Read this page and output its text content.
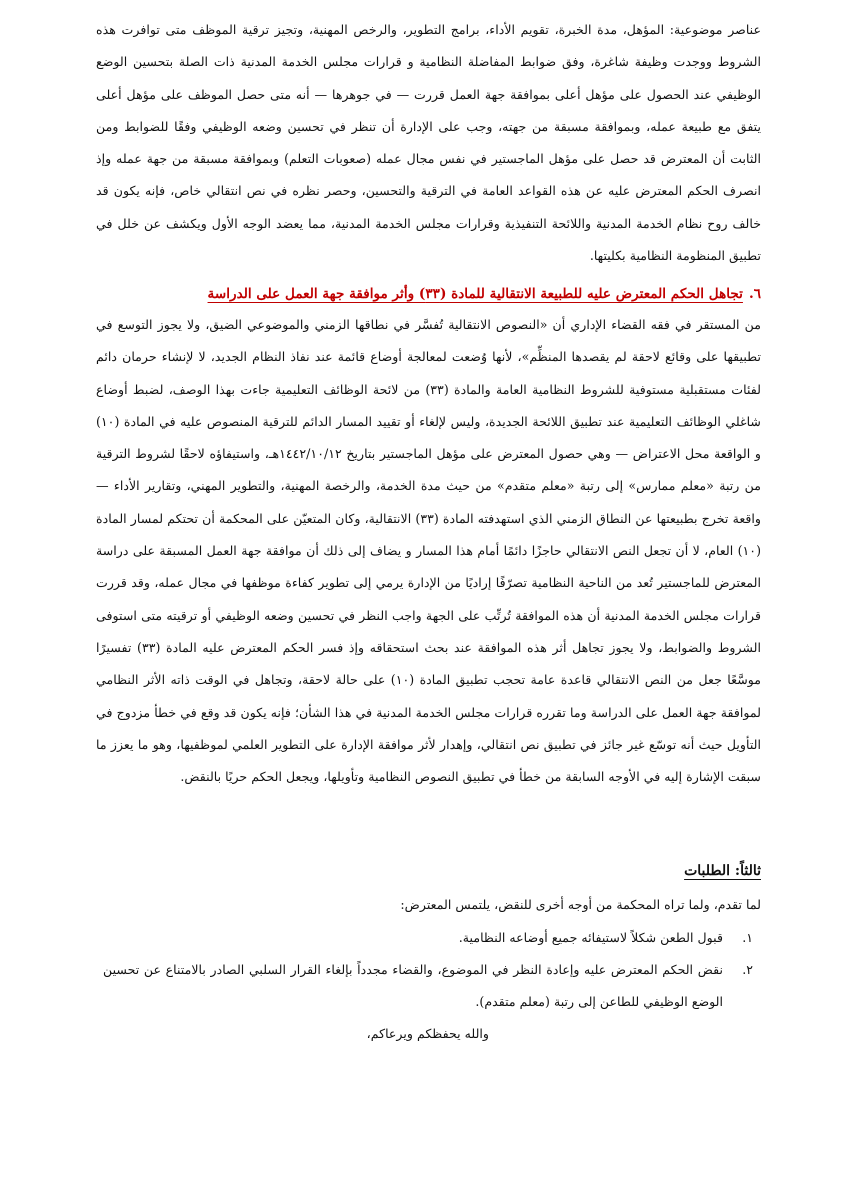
عناصر موضوعية: المؤهل، مدة الخبرة، تقويم الأداء، برامج التطوير، والرخص المهنية، وتجيز ترقية الموظف متى توافرت هذه الشروط ووجدت وظيفة شاغرة، وفق ضوابط المفاضلة النظامية و قرارات مجلس الخدمة المدنية ذات الصلة بتحسين الوضع الوظيفي عند الحصول على مؤهل أعلى بموافقة جهة العمل قررت — في جوهرها — أنه متى حصل الموظف على مؤهل أعلى يتفق مع طبيعة عمله، وبموافقة مسبقة من جهته، وجب على الإدارة أن تنظر في تحسين وضعه الوظيفي وفقًا للضوابط ومن الثابت أن المعترض قد حصل على مؤهل الماجستير في نفس مجال عمله (صعوبات التعلم) وبموافقة مسبقة من جهة عمله وإذ انصرف الحكم المعترض عليه عن هذه القواعد العامة في الترقية والتحسين، وحصر نظره في نص انتقالي خاص، فإنه يكون قد خالف روح نظام الخدمة المدنية واللائحة التنفيذية وقرارات مجلس الخدمة المدنية، مما يعضد الوجه الأول ويكشف عن خلل في تطبيق المنظومة النظامية بكليتها.

٦.تجاهل الحكم المعترض عليه للطبيعة الانتقالية للمادة (٣٣) وأثر موافقة جهة العمل على الدراسة

من المستقر في فقه القضاء الإداري أن «النصوص الانتقالية تُفسَّر في نطاقها الزمني والموضوعي الضيق، ولا يجوز التوسع في تطبيقها على وقائع لاحقة لم يقصدها المنظِّم»، لأنها وُضعت لمعالجة أوضاع قائمة عند نفاذ النظام الجديد، لا لإنشاء حرمان دائم لفئات مستقبلية مستوفية للشروط النظامية العامة والمادة (٣٣) من لائحة الوظائف التعليمية جاءت بهذا الوصف، لضبط أوضاع شاغلي الوظائف التعليمية عند تطبيق اللائحة الجديدة، وليس لإلغاء أو تقييد المسار الدائم للترقية المنصوص عليه في المادة (١٠) و الواقعة محل الاعتراض — وهي حصول المعترض على مؤهل الماجستير بتاريخ ١٤٤٢/١٠/١٢هـ، واستيفاؤه لاحقًا لشروط الترقية من رتبة «معلم ممارس» إلى رتبة «معلم متقدم» من حيث مدة الخدمة، والرخصة المهنية، والتطوير المهني، وتقارير الأداء — واقعة تخرج بطبيعتها عن النطاق الزمني الذي استهدفته المادة (٣٣) الانتقالية، وكان المتعيّن على المحكمة أن تحتكم لمسار المادة (١٠) العام، لا أن تجعل النص الانتقالي حاجزًا دائمًا أمام هذا المسار و يضاف إلى ذلك أن موافقة جهة العمل المسبقة على دراسة المعترض للماجستير تُعد من الناحية النظامية تصرّفًا إراديًا من الإدارة يرمي إلى تطوير كفاءة موظفها في مجال عمله، وقد قررت قرارات مجلس الخدمة المدنية أن هذه الموافقة تُرتِّب على الجهة واجب النظر في تحسين وضعه الوظيفي أو ترقيته متى استوفى الشروط والضوابط، ولا يجوز تجاهل أثر هذه الموافقة عند بحث استحقاقه وإذ فسر الحكم المعترض عليه المادة (٣٣) تفسيرًا موسَّعًا جعل من النص الانتقالي قاعدة عامة تحجب تطبيق المادة (١٠) على حالة لاحقة، وتجاهل في الوقت ذاته الأثر النظامي لموافقة جهة العمل على الدراسة وما تقرره قرارات مجلس الخدمة المدنية في هذا الشأن؛ فإنه يكون قد وقع في خطأ مزدوج في التأويل حيث أنه توسّع غير جائز في تطبيق نص انتقالي، وإهدار لأثر موافقة الإدارة على التطوير العلمي لموظفيها، وهو ما يعزز ما سبقت الإشارة إليه في الأوجه السابقة من خطأ في تطبيق النصوص النظامية وتأويلها، ويجعل الحكم حريًا بالنقض.

ثالثاً: الطلبات

لما تقدم، ولما تراه المحكمة من أوجه أخرى للنقض، يلتمس المعترض:

١.
قبول الطعن شكلاً لاستيفائه جميع أوضاعه النظامية.
٢.
نقض الحكم المعترض عليه وإعادة النظر في الموضوع، والقضاء مجدداً بإلغاء القرار السلبي الصادر بالامتناع عن تحسين الوضع الوظيفي للطاعن إلى رتبة (معلم متقدم).

والله يحفظكم ويرعاكم،
